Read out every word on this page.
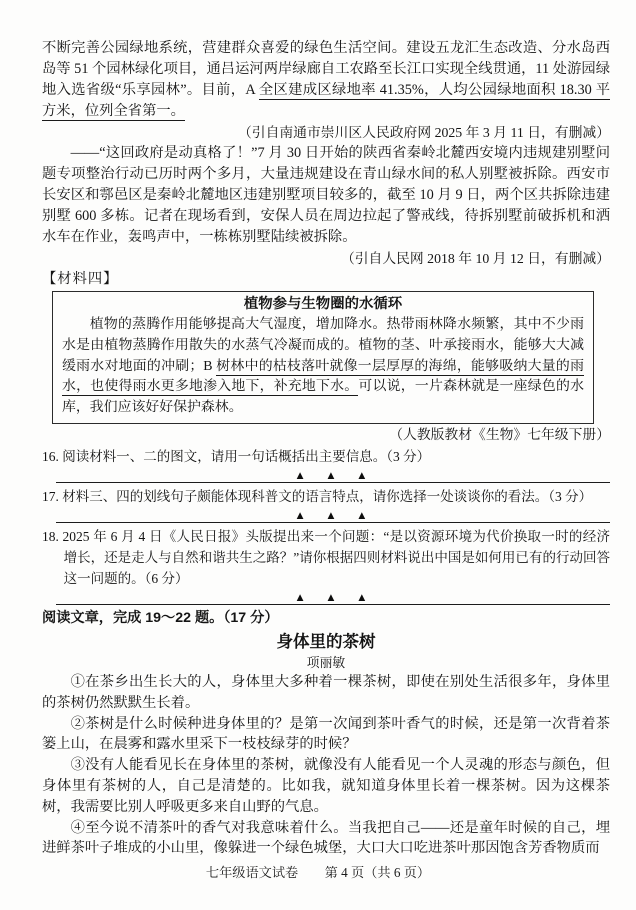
不断完善公园绿地系统，营建群众喜爱的绿色生活空间。建设五龙汇生态改造、分水岛西岛等 51 个园林绿化项目，通吕运河两岸绿廊自工农路至长江口实现全线贯通，11 处游园绿地入选省级“乐享园林”。目前，A 全区建成区绿地率 41.35%，人均公园绿地面积 18.30 平方米，位列全省第一。

（引自南通市崇川区人民政府网 2025 年 3 月 11 日，有删减）

——“这回政府是动真格了！”7 月 30 日开始的陕西省秦岭北麓西安境内违规建别墅问题专项整治行动已历时两个多月，大量违规建设在青山绿水间的私人别墅被拆除。西安市长安区和鄠邑区是秦岭北麓地区违建别墅项目较多的，截至 10 月 9 日，两个区共拆除违建别墅 600 多栋。记者在现场看到，安保人员在周边拉起了警戒线，待拆别墅前破拆机和洒水车在作业，轰鸣声中，一栋栋别墅陆续被拆除。

（引自人民网 2018 年 10 月 12 日，有删减）

【材料四】

植物参与生物圈的水循环

植物的蒸腾作用能够提高大气湿度，增加降水。热带雨林降水频繁，其中不少雨水是由植物蒸腾作用散失的水蒸气冷凝而成的。植物的茎、叶承接雨水，能够大大减缓雨水对地面的冲刷；B 树林中的枯枝落叶就像一层厚厚的海绵，能够吸纳大量的雨水，也使得雨水更多地渗入地下，补充地下水。可以说，一片森林就是一座绿色的水库，我们应该好好保护森林。

（人教版教材《生物》七年级下册）

16. 阅读材料一、二的图文，请用一句话概括出主要信息。（3 分）

▲　▲　▲

17. 材料三、四的划线句子颇能体现科普文的语言特点，请你选择一处谈谈你的看法。（3 分）

▲　▲　▲

18. 2025 年 6 月 4 日《人民日报》头版提出来一个问题：“是以资源环境为代价换取一时的经济增长，还是走人与自然和谐共生之路？”请你根据四则材料说出中国是如何用已有的行动回答这一问题的。（6 分）

▲　▲　▲

阅读文章，完成 19～22 题。（17 分）

身体里的茶树

项丽敏

①在茶乡出生长大的人，身体里大多种着一棵茶树，即使在别处生活很多年，身体里的茶树仍然默默生长着。

②茶树是什么时候种进身体里的？是第一次闻到茶叶香气的时候，还是第一次背着茶篓上山，在晨雾和露水里采下一枝枝绿芽的时候？

③没有人能看见长在身体里的茶树，就像没有人能看见一个人灵魂的形态与颜色，但身体里有茶树的人，自己是清楚的。比如我，就知道身体里长着一棵茶树。因为这棵茶树，我需要比别人呼吸更多来自山野的气息。

④至今说不清茶叶的香气对我意味着什么。当我把自己——还是童年时候的自己，埋进鲜茶叶子堆成的小山里，像躲进一个绿色城堡，大口大口吃进茶叶那因饱含芳香物质而

七年级语文试卷　　第 4 页（共 6 页）
